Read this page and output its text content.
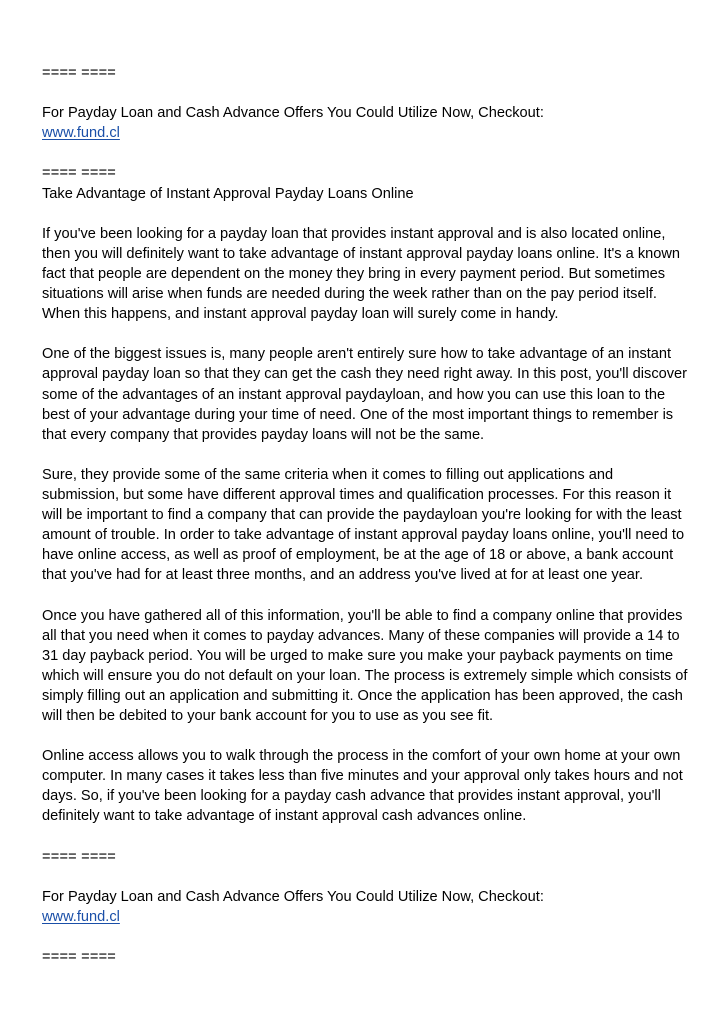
==== ====

For Payday Loan and Cash Advance Offers You Could Utilize Now, Checkout:

www.fund.cl

==== ====

Take Advantage of Instant Approval Payday Loans Online

If you've been looking for a payday loan that provides instant approval and is also located online, then you will definitely want to take advantage of instant approval payday loans online. It's a known fact that people are dependent on the money they bring in every payment period. But sometimes situations will arise when funds are needed during the week rather than on the pay period itself. When this happens, and instant approval payday loan will surely come in handy.

One of the biggest issues is, many people aren't entirely sure how to take advantage of an instant approval payday loan so that they can get the cash they need right away. In this post, you'll discover some of the advantages of an instant approval paydayloan, and how you can use this loan to the best of your advantage during your time of need. One of the most important things to remember is that every company that provides payday loans will not be the same.

Sure, they provide some of the same criteria when it comes to filling out applications and submission, but some have different approval times and qualification processes. For this reason it will be important to find a company that can provide the paydayloan you're looking for with the least amount of trouble. In order to take advantage of instant approval payday loans online, you'll need to have online access, as well as proof of employment, be at the age of 18 or above, a bank account that you've had for at least three months, and an address you've lived at for at least one year.

Once you have gathered all of this information, you'll be able to find a company online that provides all that you need when it comes to payday advances. Many of these companies will provide a 14 to 31 day payback period. You will be urged to make sure you make your payback payments on time which will ensure you do not default on your loan. The process is extremely simple which consists of simply filling out an application and submitting it. Once the application has been approved, the cash will then be debited to your bank account for you to use as you see fit.

Online access allows you to walk through the process in the comfort of your own home at your own computer. In many cases it takes less than five minutes and your approval only takes hours and not days. So, if you've been looking for a payday cash advance that provides instant approval, you'll definitely want to take advantage of instant approval cash advances online.

==== ====

For Payday Loan and Cash Advance Offers You Could Utilize Now, Checkout:

www.fund.cl

==== ====
